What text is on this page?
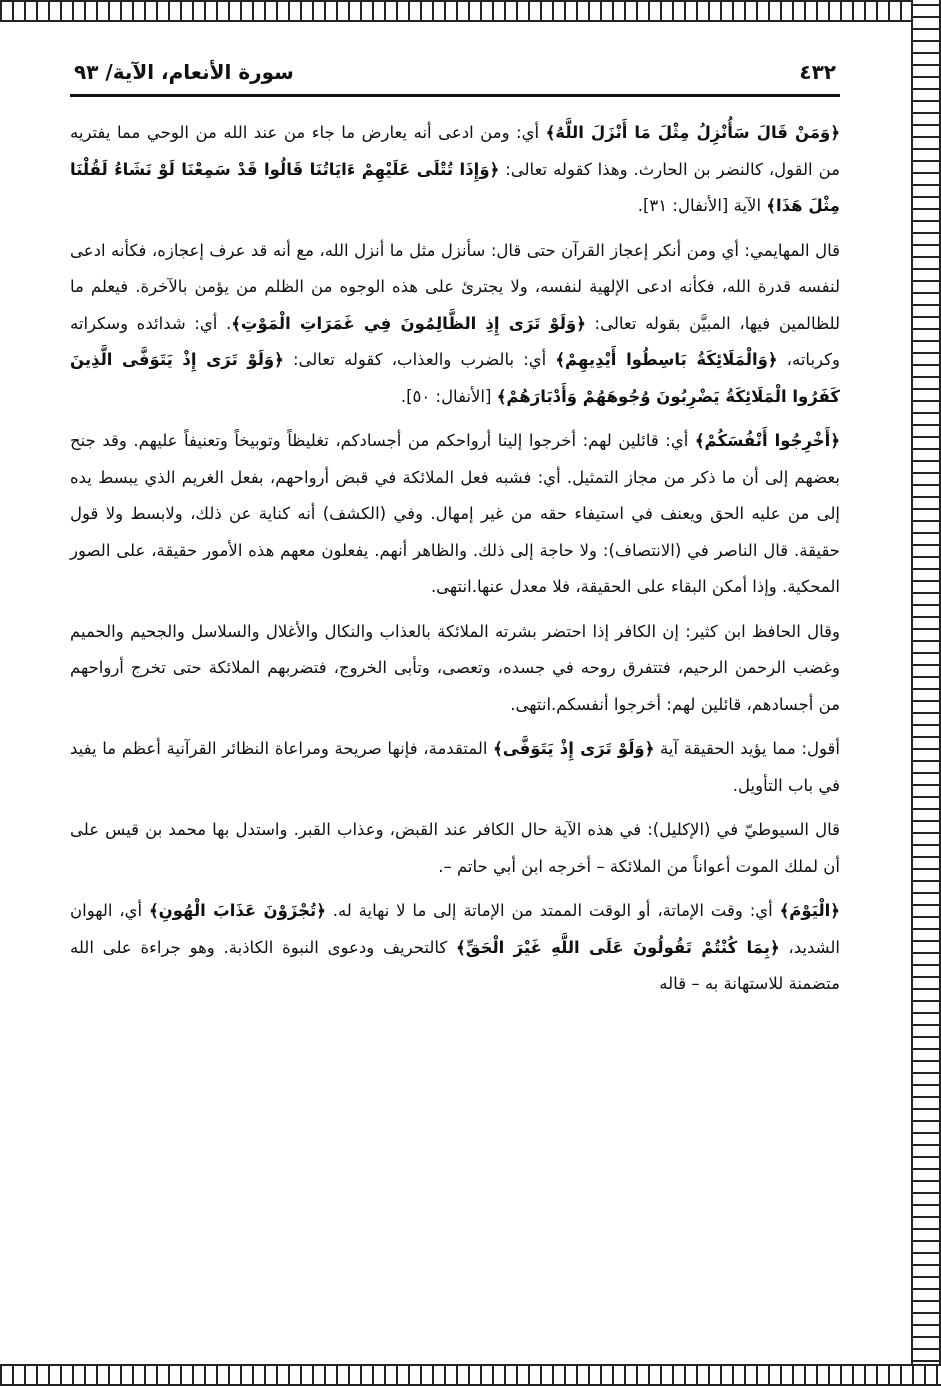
٤٣٢
سورة الأنعام، الآية/ ٩٣

﴿وَمَنْ قَالَ سَأُنْزِلُ مِثْلَ مَا أَنْزَلَ اللَّهُ﴾ أي: ومن ادعى أنه يعارض ما جاء من عند الله من الوحي مما يفتريه من القول، كالنضر بن الحارث. وهذا كقوله تعالى: ﴿وَإِذَا تُتْلَى عَلَيْهِمْ ءَايَاتُنَا قَالُوا قَدْ سَمِعْنَا لَوْ نَشَاءُ لَقُلْنَا مِثْلَ هَذَا﴾ الآية [الأنفال: ٣١].

قال المهايمي: أي ومن أنكر إعجاز القرآن حتى قال: سأنزل مثل ما أنزل الله، مع أنه قد عرف إعجازه، فكأنه ادعى لنفسه قدرة الله، فكأنه ادعى الإلهية لنفسه، ولا يجترئ على هذه الوجوه من الظلم من يؤمن بالآخرة. فيعلم ما للظالمين فيها، المبيَّن بقوله تعالى: ﴿وَلَوْ تَرَى إِذِ الظَّالِمُونَ فِي غَمَرَاتِ الْمَوْتِ﴾. أي: شدائده وسكراته وكرباته، ﴿وَالْمَلَائِكَةُ بَاسِطُوا أَيْدِيهِمْ﴾ أي: بالضرب والعذاب، كقوله تعالى: ﴿وَلَوْ تَرَى إِذْ يَتَوَفَّى الَّذِينَ كَفَرُوا الْمَلَائِكَةُ يَضْرِبُونَ وُجُوهَهُمْ وَأَدْبَارَهُمْ﴾ [الأنفال: ٥٠].

﴿أَخْرِجُوا أَنْفُسَكُمْ﴾ أي: قائلين لهم: أخرجوا إلينا أرواحكم من أجسادكم، تغليظاً وتوبيخاً وتعنيفاً عليهم. وقد جنح بعضهم إلى أن ما ذكر من مجاز التمثيل. أي: فشبه فعل الملائكة في قبض أرواحهم، بفعل الغريم الذي يبسط يده إلى من عليه الحق ويعنف في استيفاء حقه من غير إمهال. وفي (الكشف) أنه كناية عن ذلك، ولابسط ولا قول حقيقة. قال الناصر في (الانتصاف): ولا حاجة إلى ذلك. والظاهر أنهم. يفعلون معهم هذه الأمور حقيقة، على الصور المحكية. وإذا أمكن البقاء على الحقيقة، فلا معدل عنها.انتهى.

وقال الحافظ ابن كثير: إن الكافر إذا احتضر بشرته الملائكة بالعذاب والنكال والأغلال والسلاسل والجحيم والحميم وغضب الرحمن الرحيم، فتتفرق روحه في جسده، وتعصى، وتأبى الخروج، فتضربهم الملائكة حتى تخرج أرواحهم من أجسادهم، قائلين لهم: أخرجوا أنفسكم.انتهى.

أقول: مما يؤيد الحقيقة آية ﴿وَلَوْ تَرَى إِذْ يَتَوَفَّى﴾ المتقدمة، فإنها صريحة ومراعاة النظائر القرآنية أعظم ما يفيد في باب التأويل.

قال السيوطيّ في (الإكليل): في هذه الآية حال الكافر عند القبض، وعذاب القبر. واستدل بها محمد بن قيس على أن لملك الموت أعواناً من الملائكة – أخرجه ابن أبي حاتم –.

﴿الْيَوْمَ﴾ أي: وقت الإماتة، أو الوقت الممتد من الإماتة إلى ما لا نهاية له. ﴿تُجْزَوْنَ عَذَابَ الْهُونِ﴾ أي، الهوان الشديد، ﴿بِمَا كُنْتُمْ تَقُولُونَ عَلَى اللَّهِ غَيْرَ الْحَقِّ﴾ كالتحريف ودعوى النبوة الكاذبة. وهو جراءة على الله متضمنة للاستهانة به – قاله
